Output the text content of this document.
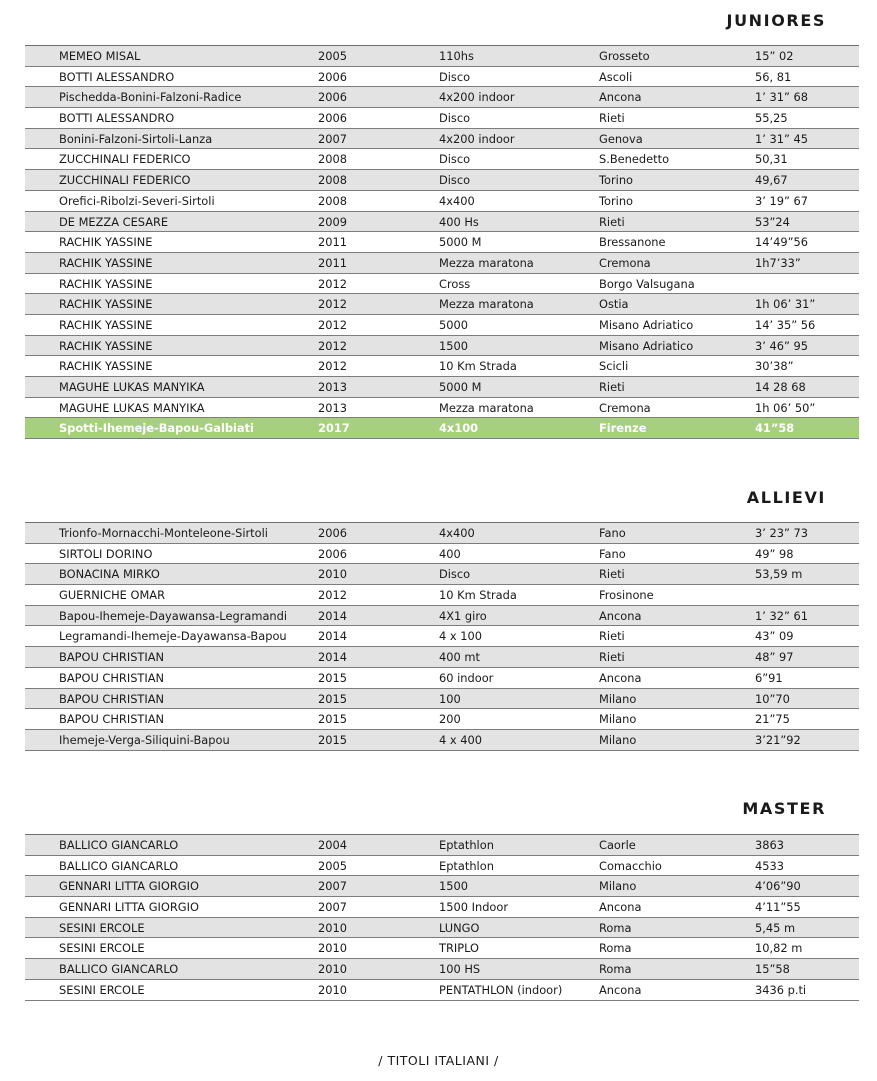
JUNIORES
MEMEO MISAL	2005	110hs	Grosseto	15” 02
BOTTI ALESSANDRO	2006	Disco	Ascoli	56, 81
Pischedda-Bonini-Falzoni-Radice	2006	4x200 indoor	Ancona	1’ 31” 68
BOTTI ALESSANDRO	2006	Disco	Rieti	55,25
Bonini-Falzoni-Sirtoli-Lanza	2007	4x200 indoor	Genova	1’ 31” 45
ZUCCHINALI FEDERICO	2008	Disco	S.Benedetto	50,31
ZUCCHINALI FEDERICO	2008	Disco	Torino	49,67
Orefici-Ribolzi-Severi-Sirtoli	2008	4x400	Torino	3’ 19” 67
DE MEZZA CESARE	2009	400 Hs	Rieti	53”24
RACHIK YASSINE	2011	5000 M	Bressanone	14’49”56
RACHIK YASSINE	2011	Mezza maratona	Cremona	1h7’33”
RACHIK YASSINE	2012	Cross	Borgo Valsugana
RACHIK YASSINE	2012	Mezza maratona	Ostia	1h 06’ 31”
RACHIK YASSINE	2012	5000	Misano Adriatico	14’ 35” 56
RACHIK YASSINE	2012	1500	Misano Adriatico	3’ 46” 95
RACHIK YASSINE	2012	10 Km Strada	Scicli	30’38”
MAGUHE LUKAS MANYIKA	2013	5000 M	Rieti	14 28 68
MAGUHE LUKAS MANYIKA	2013	Mezza maratona	Cremona	1h 06’ 50”
Spotti-Ihemeje-Bapou-Galbiati	2017	4x100	Firenze	41”58
ALLIEVI
Trionfo-Mornacchi-Monteleone-Sirtoli	2006	4x400	Fano	3’ 23” 73
SIRTOLI DORINO	2006	400	Fano	49” 98
BONACINA MIRKO	2010	Disco	Rieti	53,59 m
GUERNICHE OMAR	2012	10 Km Strada	Frosinone
Bapou-Ihemeje-Dayawansa-Legramandi	2014	4X1 giro	Ancona	1’ 32” 61
Legramandi-Ihemeje-Dayawansa-Bapou	2014	4 x 100	Rieti	43” 09
BAPOU CHRISTIAN	2014	400 mt	Rieti	48” 97
BAPOU CHRISTIAN	2015	60 indoor	Ancona	6”91
BAPOU CHRISTIAN	2015	100	Milano	10”70
BAPOU CHRISTIAN	2015	200	Milano	21”75
Ihemeje-Verga-Siliquini-Bapou	2015	4 x 400	Milano	3’21”92
MASTER
BALLICO GIANCARLO	2004	Eptathlon	Caorle	3863
BALLICO GIANCARLO	2005	Eptathlon	Comacchio	4533
GENNARI LITTA GIORGIO	2007	1500	Milano	4’06”90
GENNARI LITTA GIORGIO	2007	1500 Indoor	Ancona	4’11”55
SESINI ERCOLE	2010	LUNGO	Roma	5,45 m
SESINI ERCOLE	2010	TRIPLO	Roma	10,82 m
BALLICO GIANCARLO	2010	100 HS	Roma	15”58
SESINI ERCOLE	2010	PENTATHLON (indoor)	Ancona	3436 p.ti
/ TITOLI ITALIANI /
